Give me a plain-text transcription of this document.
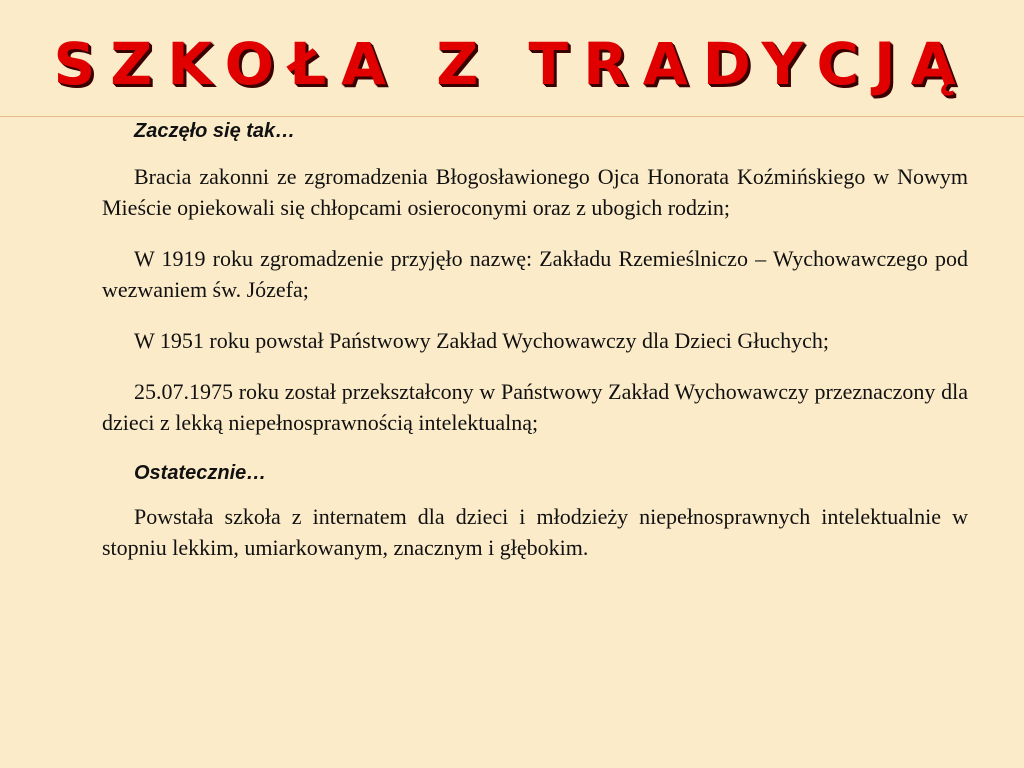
SZKOŁA Z TRADYCJĄ

Zaczęło się tak…

Bracia zakonni ze zgromadzenia Błogosławionego Ojca Honorata Koźmińskiego w Nowym Mieście opiekowali się chłopcami osieroconymi oraz z ubogich rodzin;

W 1919 roku zgromadzenie przyjęło nazwę: Zakładu Rzemieślniczo – Wychowawczego pod wezwaniem św. Józefa;

W 1951 roku powstał Państwowy Zakład Wychowawczy dla Dzieci Głuchych;

25.07.1975 roku został przekształcony w Państwowy Zakład Wychowawczy przeznaczony dla dzieci z lekką niepełnosprawnością intelektualną;

Ostatecznie…

Powstała szkoła z internatem dla dzieci i młodzieży niepełnosprawnych intelektualnie w stopniu lekkim, umiarkowanym, znacznym i głębokim.
